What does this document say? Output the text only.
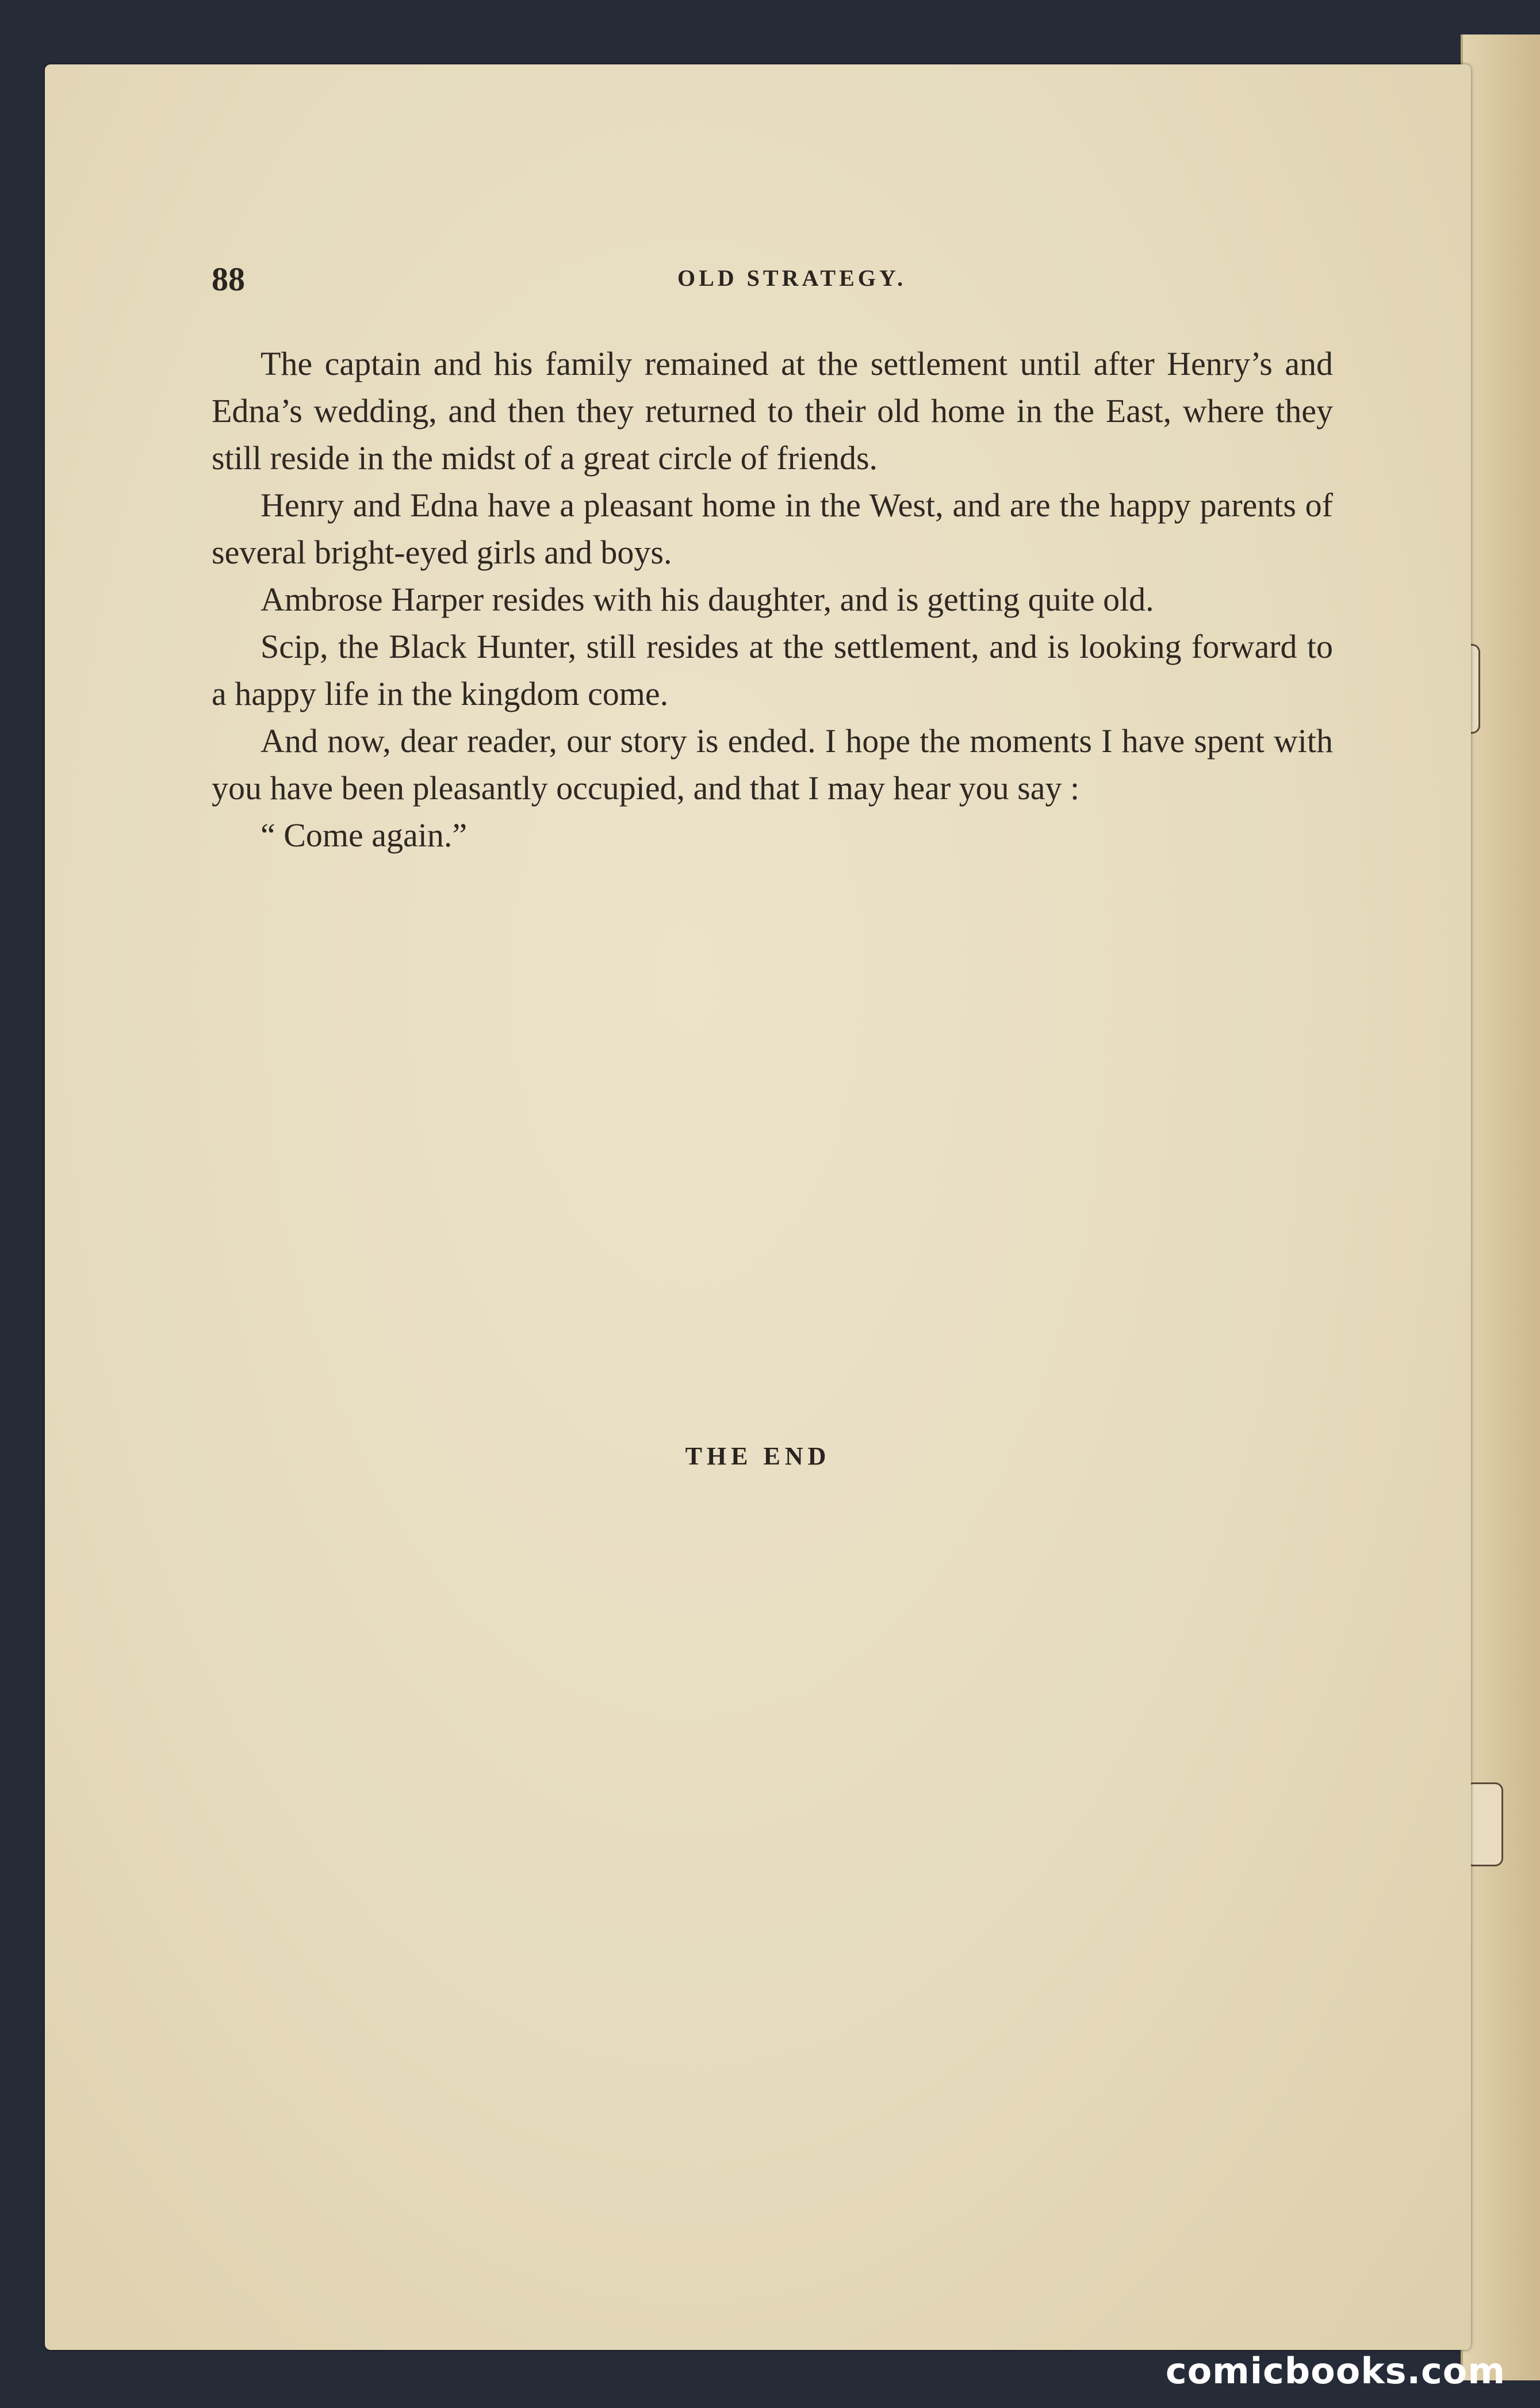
88	OLD STRATEGY.

The captain and his family remained at the settlement until after Henry’s and Edna’s wedding, and then they returned to their old home in the East, where they still reside in the midst of a great circle of friends.

Henry and Edna have a pleasant home in the West, and are the happy parents of several bright-eyed girls and boys.

Ambrose Harper resides with his daughter, and is getting quite old.

Scip, the Black Hunter, still resides at the settlement, and is looking forward to a happy life in the kingdom come.

And now, dear reader, our story is ended. I hope the moments I have spent with you have been pleasantly occupied, and that I may hear you say :

“ Come again.”

THE END
comicbooks.com
